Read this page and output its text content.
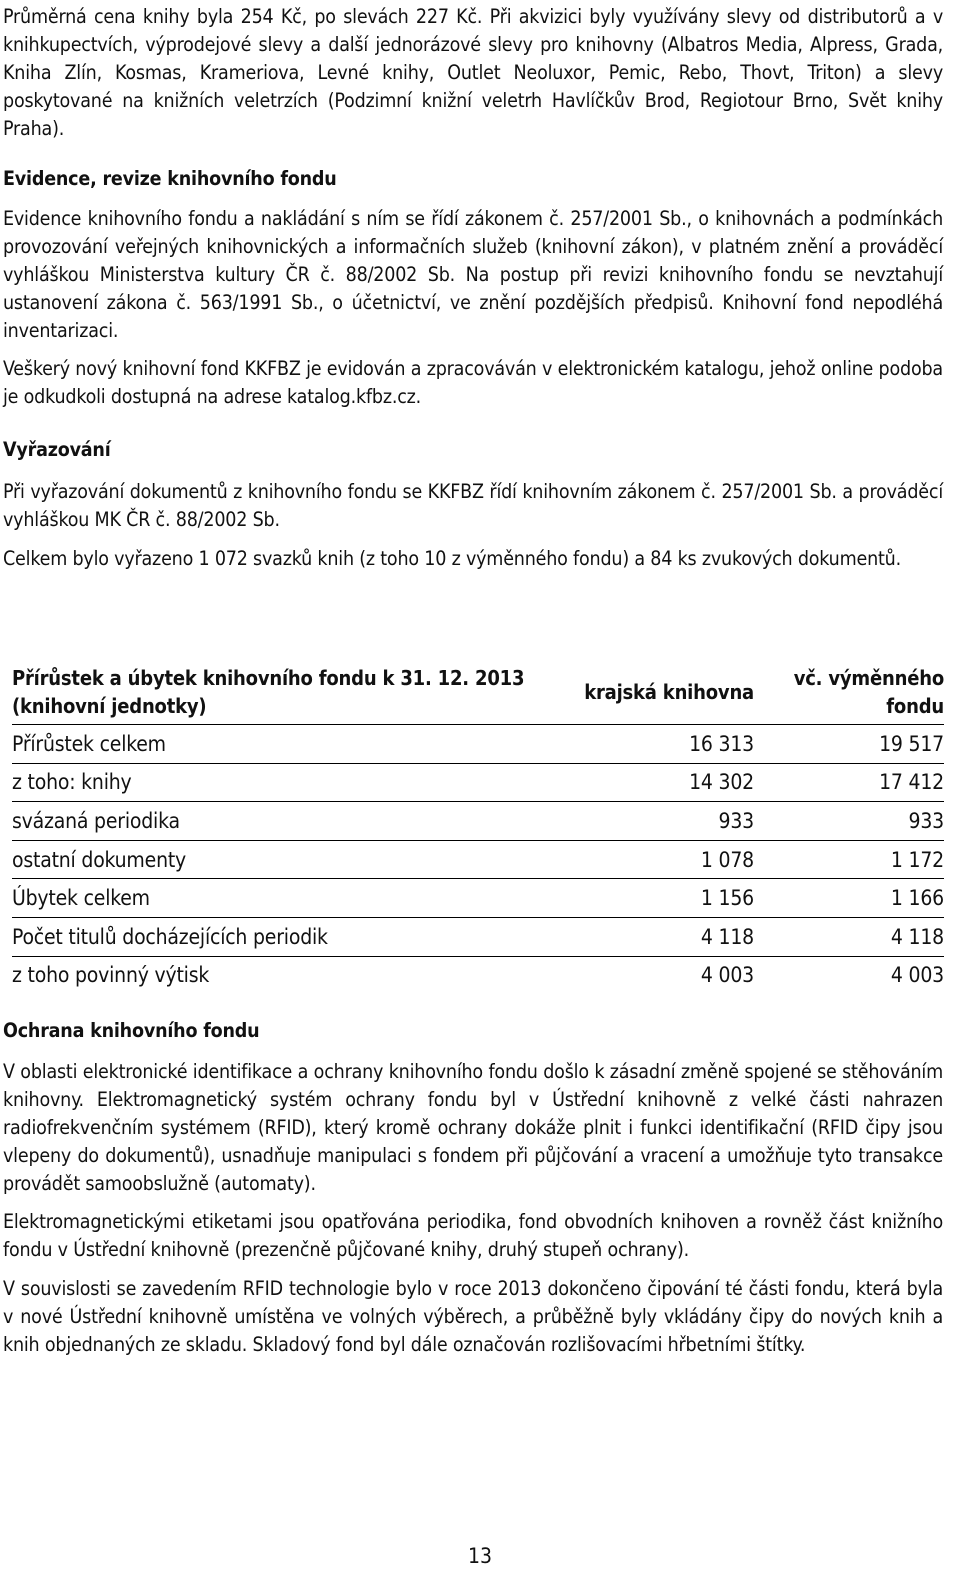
Průměrná cena knihy byla 254 Kč, po slevách 227 Kč. Při akvizici byly využívány slevy od distributorů a v knihkupectvích, výprodejové slevy a další jednorázové slevy pro knihovny (Albatros Media, Alpress, Grada, Kniha Zlín, Kosmas, Krameriova, Levné knihy, Outlet Neoluxor, Pemic, Rebo, Thovt, Triton) a slevy poskytované na knižních veletrzích (Podzimní knižní veletrh Havlíčkův Brod, Regiotour Brno, Svět knihy Praha).

Evidence, revize knihovního fondu

Evidence knihovního fondu a nakládání s ním se řídí zákonem č. 257/2001 Sb., o knihovnách a podmínkách provozování veřejných knihovnických a informačních služeb (knihovní zákon), v platném znění a prováděcí vyhláškou Ministerstva kultury ČR č. 88/2002 Sb. Na postup při revizi knihovního fondu se nevztahují ustanovení zákona č. 563/1991 Sb., o účetnictví, ve znění pozdějších předpisů. Knihovní fond nepodléhá inventarizaci.

Veškerý nový knihovní fond KKFBZ je evidován a zpracováván v elektronickém katalogu, jehož online podoba je odkudkoli dostupná na adrese katalog.kfbz.cz.

Vyřazování

Při vyřazování dokumentů z knihovního fondu se KKFBZ řídí knihovním zákonem č. 257/2001 Sb. a prováděcí vyhláškou MK ČR č. 88/2002 Sb.

Celkem bylo vyřazeno 1 072 svazků knih (z toho 10 z výměnného fondu) a 84 ks zvukových dokumentů.

Přírůstek a úbytek knihovního fondu k 31. 12. 2013
(knihovní jednotky)	krajská knihovna	vč. výměnného
fondu
Přírůstek celkem	16 313	19 517
z toho: knihy	14 302	17 412
svázaná periodika	933	933
ostatní dokumenty	1 078	1 172
Úbytek celkem	1 156	1 166
Počet titulů docházejících periodik	4 118	4 118
z toho povinný výtisk	4 003	4 003
Ochrana knihovního fondu

V oblasti elektronické identifikace a ochrany knihovního fondu došlo k zásadní změně spojené se stěhováním knihovny. Elektromagnetický systém ochrany fondu byl v Ústřední knihovně z velké části nahrazen radiofrekvenčním systémem (RFID), který kromě ochrany dokáže plnit i funkci identifikační (RFID čipy jsou vlepeny do dokumentů), usnadňuje manipulaci s fondem při půjčování a vracení a umožňuje tyto transakce provádět samoobslužně (automaty).

Elektromagnetickými etiketami jsou opatřována periodika, fond obvodních knihoven a rovněž část knižního fondu v Ústřední knihovně (prezenčně půjčované knihy, druhý stupeň ochrany).

V souvislosti se zavedením RFID technologie bylo v roce 2013 dokončeno čipování té části fondu, která byla v nové Ústřední knihovně umístěna ve volných výběrech, a průběžně byly vkládány čipy do nových knih a knih objednaných ze skladu. Skladový fond byl dále označován rozlišovacími hřbetními štítky.

13
